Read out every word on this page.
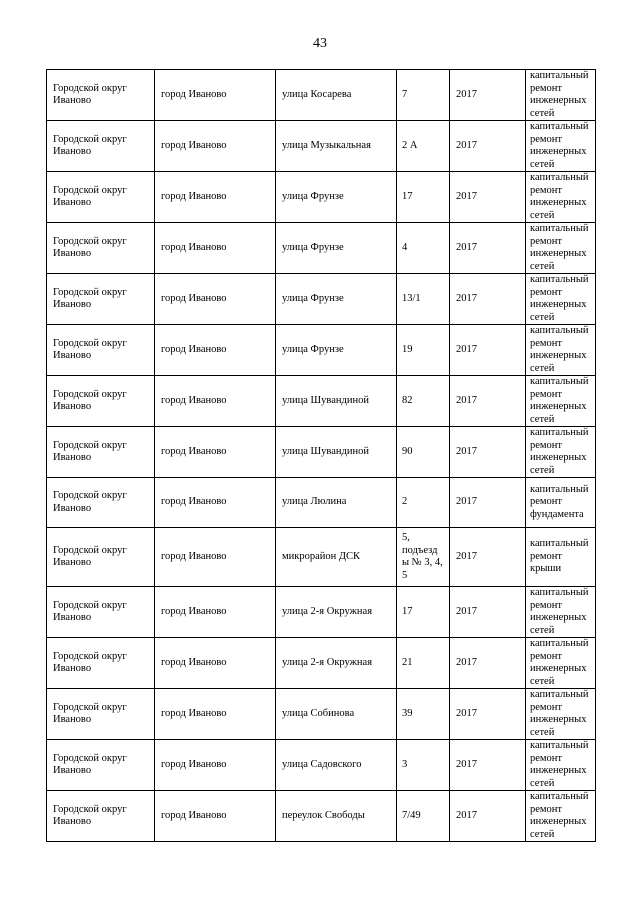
43
Городской округ Иваново	город Иваново	улица Косарева	7	2017	капитальный ремонт инженерных сетей
Городской округ Иваново	город Иваново	улица Музыкальная	2 А	2017	капитальный ремонт инженерных сетей
Городской округ Иваново	город Иваново	улица Фрунзе	17	2017	капитальный ремонт инженерных сетей
Городской округ Иваново	город Иваново	улица Фрунзе	4	2017	капитальный ремонт инженерных сетей
Городской округ Иваново	город Иваново	улица Фрунзе	13/1	2017	капитальный ремонт инженерных сетей
Городской округ Иваново	город Иваново	улица Фрунзе	19	2017	капитальный ремонт инженерных сетей
Городской округ Иваново	город Иваново	улица Шувандиной	82	2017	капитальный ремонт инженерных сетей
Городской округ Иваново	город Иваново	улица Шувандиной	90	2017	капитальный ремонт инженерных сетей
Городской округ Иваново	город Иваново	улица Люлина	2	2017	капитальный ремонт фундамента
Городской округ Иваново	город Иваново	микрорайон ДСК	5, подъезды № 3, 4, 5	2017	капитальный ремонт крыши
Городской округ Иваново	город Иваново	улица 2-я Окружная	17	2017	капитальный ремонт инженерных сетей
Городской округ Иваново	город Иваново	улица 2-я Окружная	21	2017	капитальный ремонт инженерных сетей
Городской округ Иваново	город Иваново	улица Собинова	39	2017	капитальный ремонт инженерных сетей
Городской округ Иваново	город Иваново	улица Садовского	3	2017	капитальный ремонт инженерных сетей
Городской округ Иваново	город Иваново	переулок Свободы	7/49	2017	капитальный ремонт инженерных сетей
